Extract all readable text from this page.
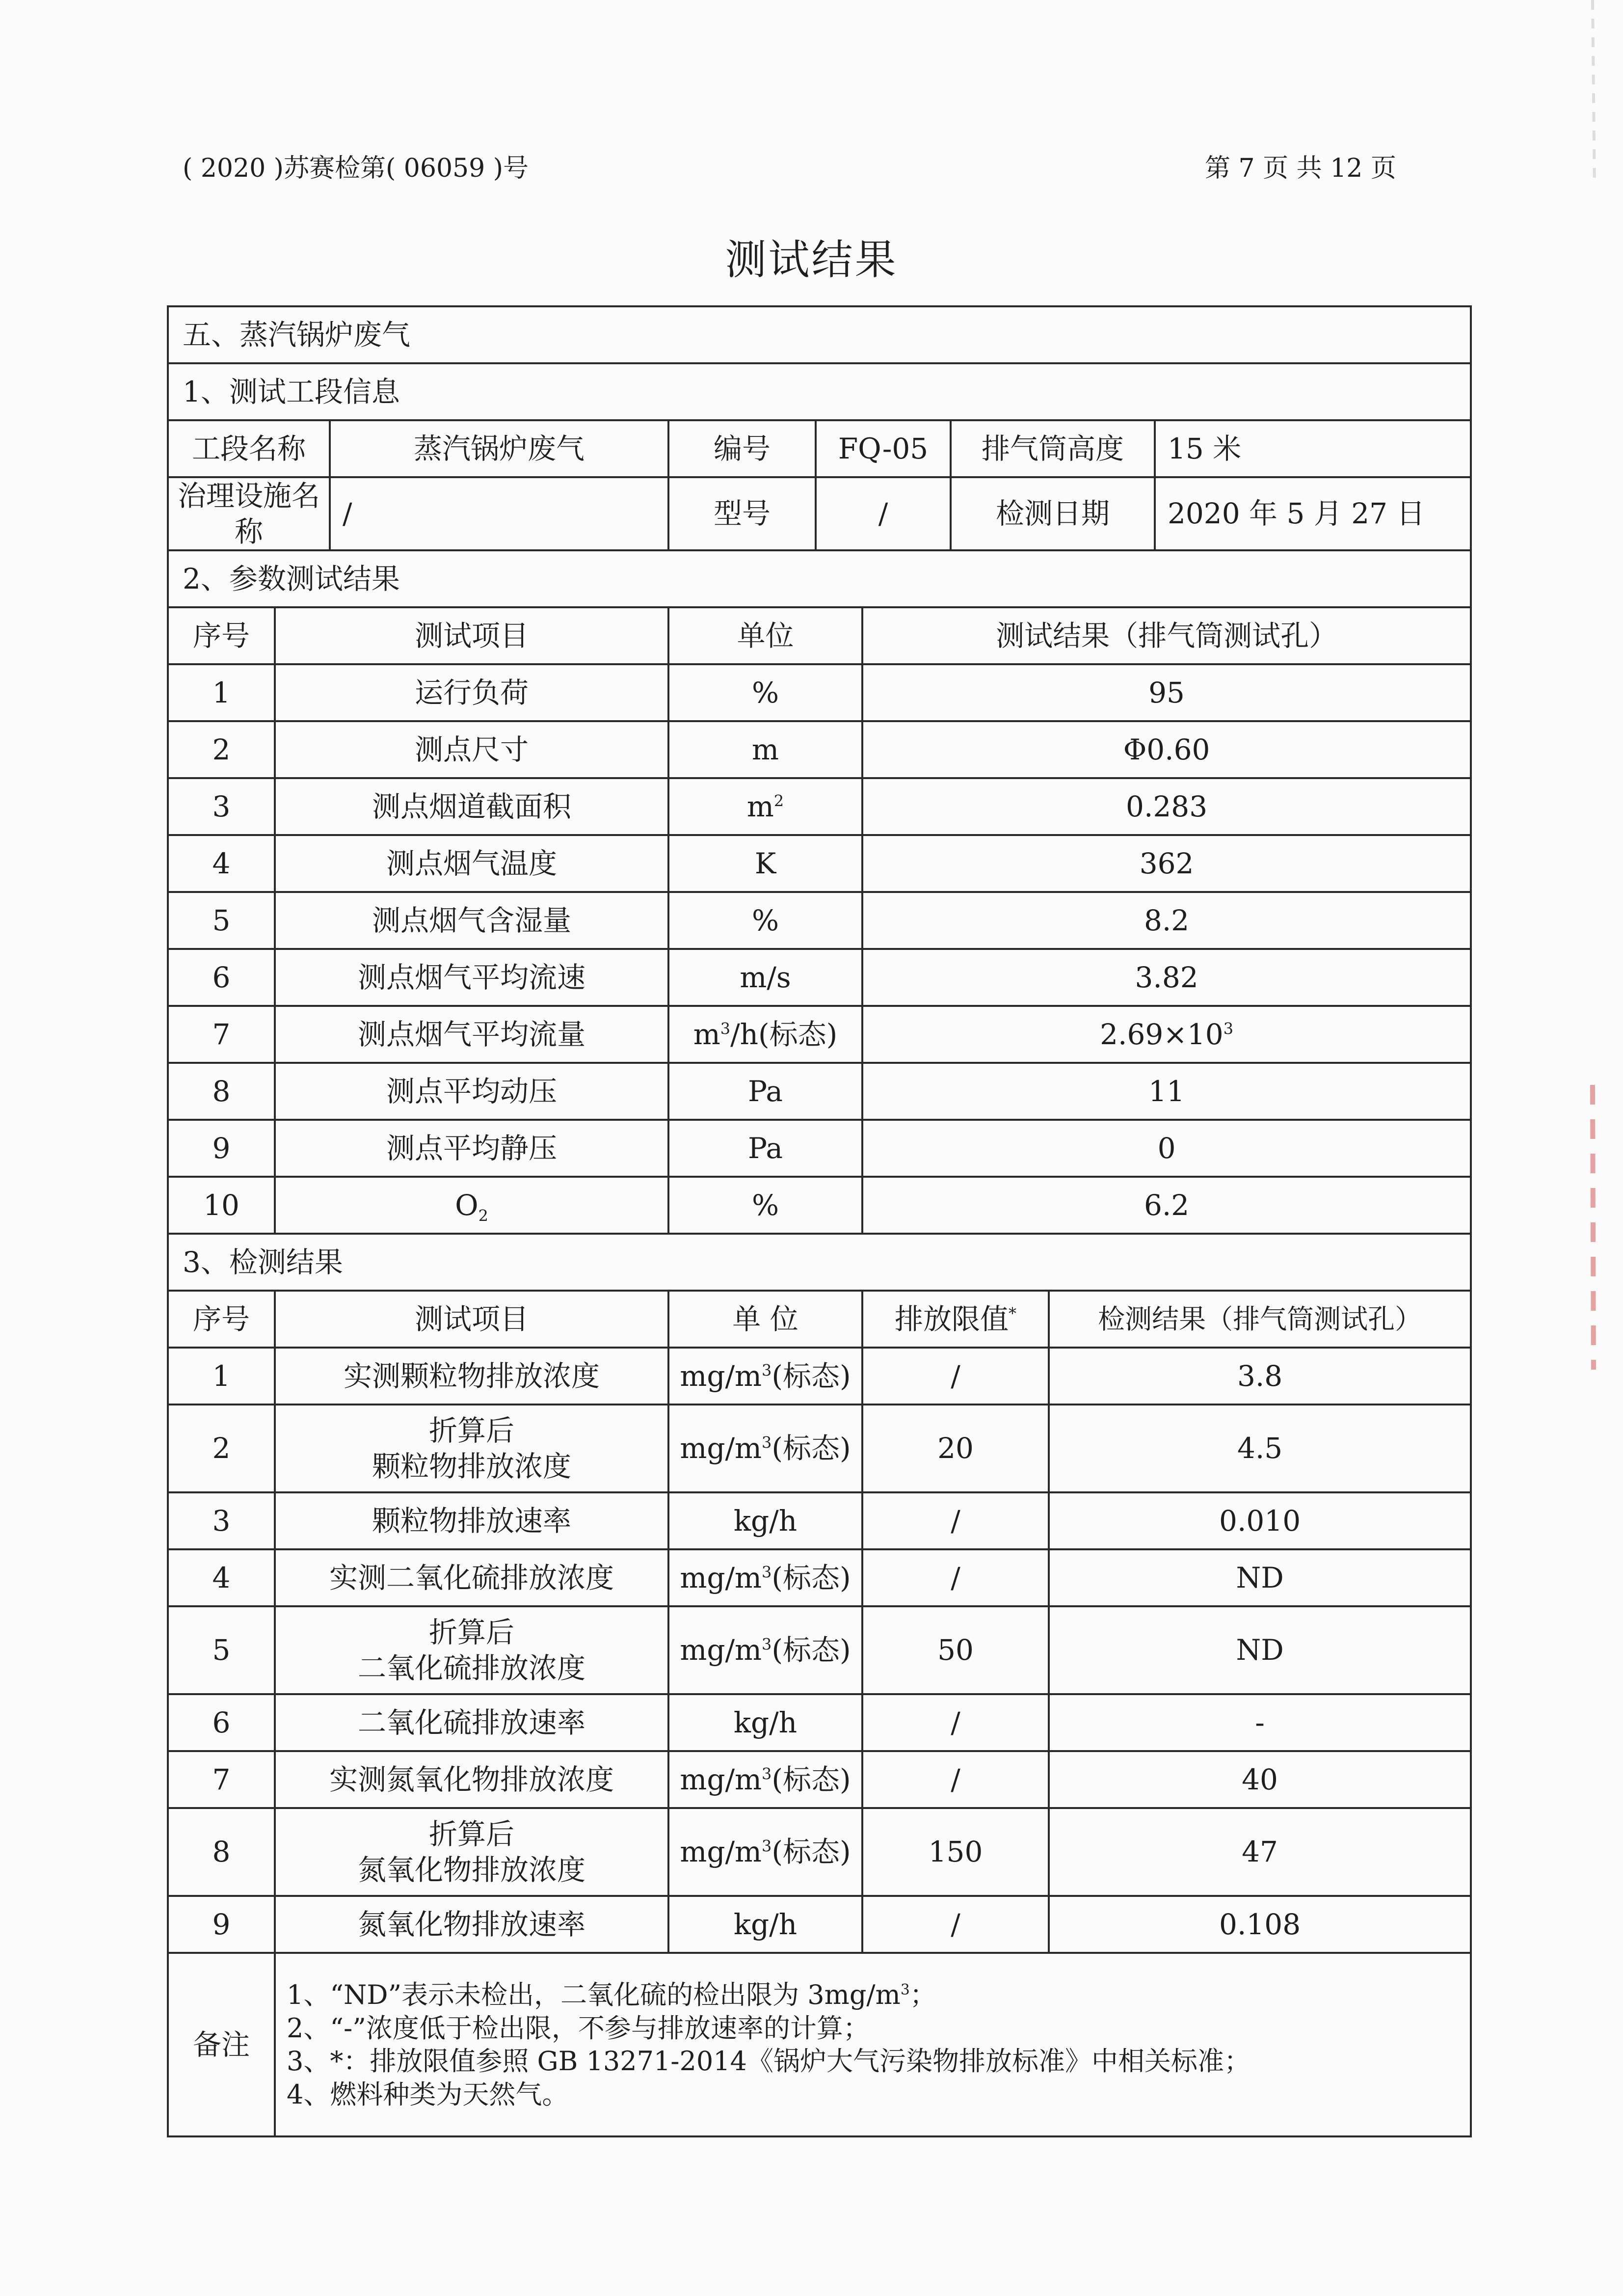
( 2020 )苏赛检第( 06059 )号	第 7 页 共 12 页
测试结果
五、蒸汽锅炉废气								
1、测试工段信息								
工段名称		蒸汽锅炉废气	编号	FQ-05		排气筒高度		15 米
治理设施名称		/	型号	/		检测日期		2020 年 5 月 27 日
2、参数测试结果								
序号	测试项目		单位		测试结果（排气筒测试孔）			
1	运行负荷		%		95			
2	测点尺寸		m		Φ0.60			
3	测点烟道截面积		$m^2$		0.283			
4	测点烟气温度		K		362			
5	测点烟气含湿量		%		8.2			
6	测点烟气平均流速		m/s		3.82			
7	测点烟气平均流量		$m^3/h$(标态)		$2.69\times 10^3$
8	测点平均动压		Pa		11			
9	测点平均静压		Pa		0			
10	$O_2$		%		6.2			
3、检测结果								
序号	测试项目		单 位		排放限值*		检测结果（排气筒测试孔）	
1	实测颗粒物排放浓度		$mg/m^3$(标态)		/		3.8	
2	折算后
颗粒物排放浓度		$mg/m^3$(标态)		20		4.5	
3	颗粒物排放速率		kg/h		/		0.010	
4	实测二氧化硫排放浓度		$mg/m^3$(标态)		/		ND	
5	折算后
二氧化硫排放浓度		$mg/m^3$(标态)		50		ND	
6	二氧化硫排放速率		kg/h		/		-	
7	实测氮氧化物排放浓度		$mg/m^3$(标态)		/		40	
8	折算后
氮氧化物排放浓度		$mg/m^3$(标态)		150		47	
9	氮氧化物排放速率		kg/h		/		0.108	
备注	1、“ND”表示未检出，二氧化硫的检出限为 $3mg/m^3$；
2、“-”浓度低于检出限，不参与排放速率的计算；
3、*：排放限值参照 GB 13271-2014《锅炉大气污染物排放标准》中相关标准；
4、燃料种类为天然气。							
